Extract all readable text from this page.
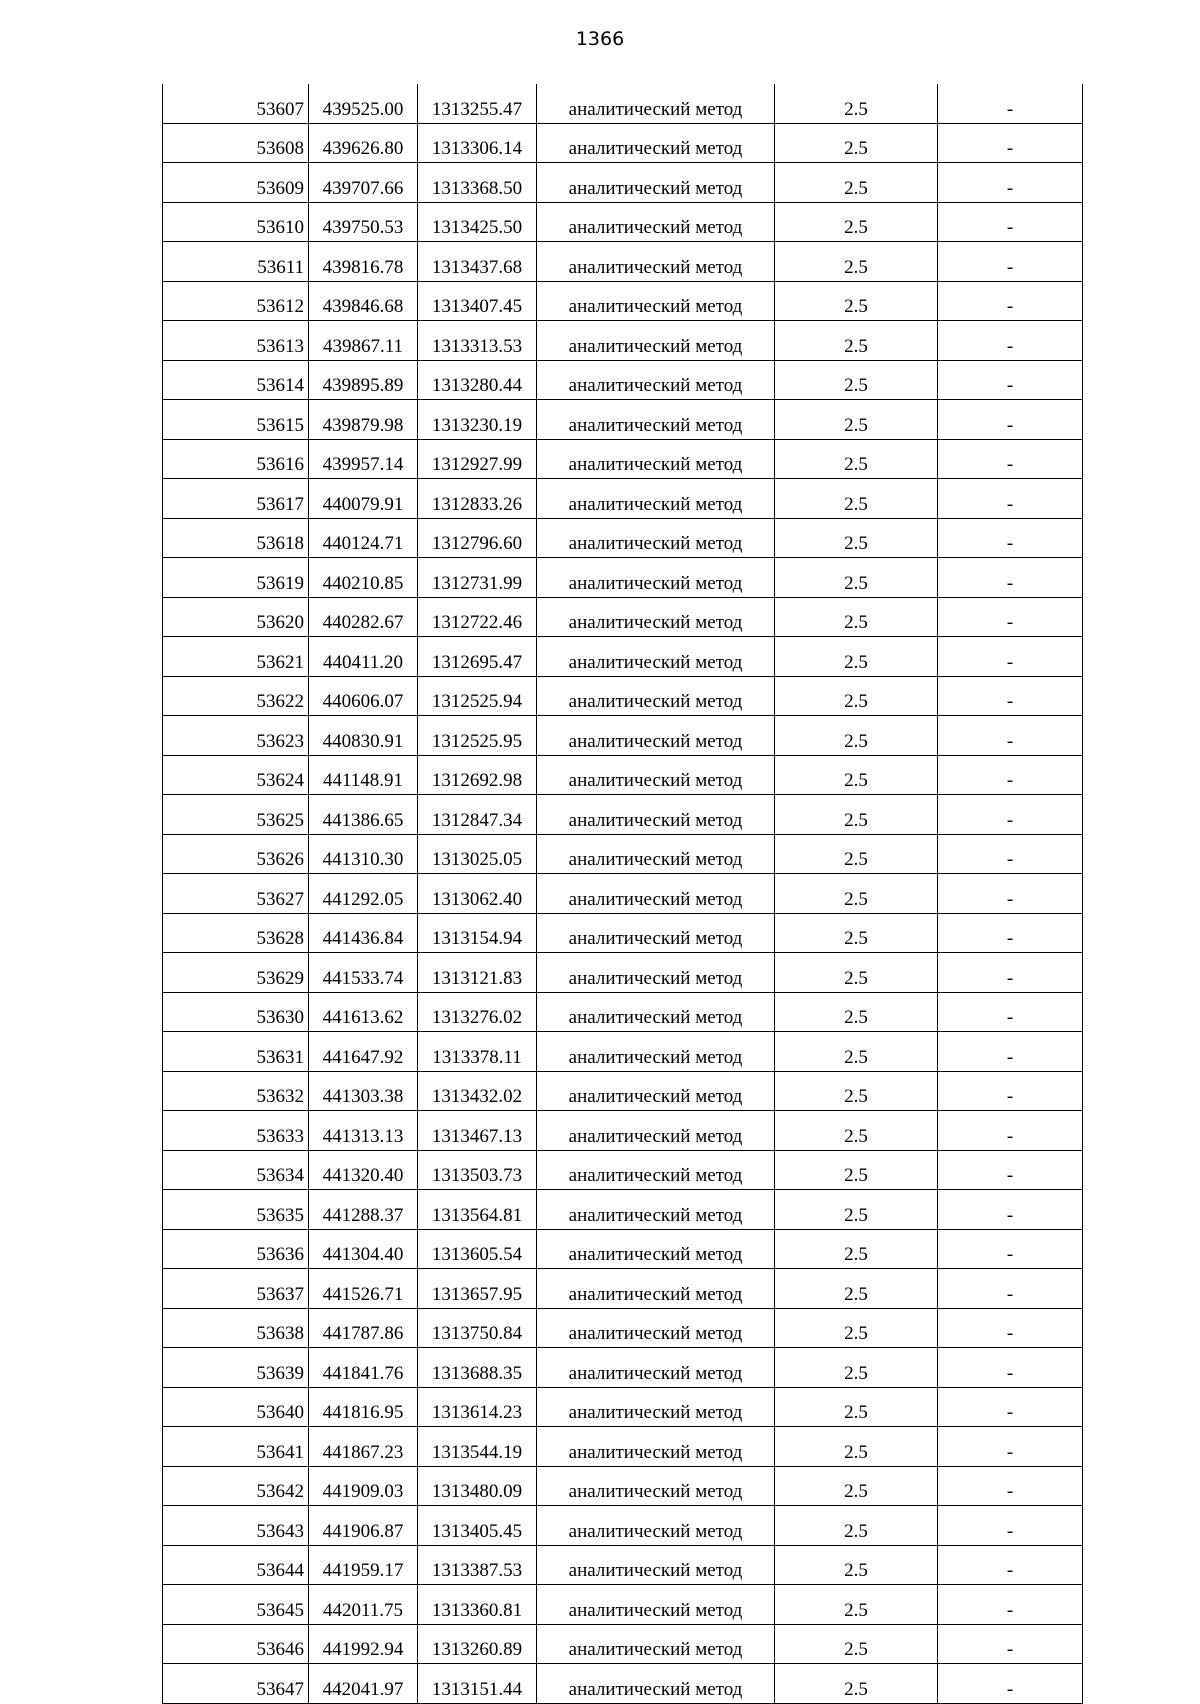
1366
53607	439525.00	1313255.47	аналитический метод	2.5	-
53608	439626.80	1313306.14	аналитический метод	2.5	-
53609	439707.66	1313368.50	аналитический метод	2.5	-
53610	439750.53	1313425.50	аналитический метод	2.5	-
53611	439816.78	1313437.68	аналитический метод	2.5	-
53612	439846.68	1313407.45	аналитический метод	2.5	-
53613	439867.11	1313313.53	аналитический метод	2.5	-
53614	439895.89	1313280.44	аналитический метод	2.5	-
53615	439879.98	1313230.19	аналитический метод	2.5	-
53616	439957.14	1312927.99	аналитический метод	2.5	-
53617	440079.91	1312833.26	аналитический метод	2.5	-
53618	440124.71	1312796.60	аналитический метод	2.5	-
53619	440210.85	1312731.99	аналитический метод	2.5	-
53620	440282.67	1312722.46	аналитический метод	2.5	-
53621	440411.20	1312695.47	аналитический метод	2.5	-
53622	440606.07	1312525.94	аналитический метод	2.5	-
53623	440830.91	1312525.95	аналитический метод	2.5	-
53624	441148.91	1312692.98	аналитический метод	2.5	-
53625	441386.65	1312847.34	аналитический метод	2.5	-
53626	441310.30	1313025.05	аналитический метод	2.5	-
53627	441292.05	1313062.40	аналитический метод	2.5	-
53628	441436.84	1313154.94	аналитический метод	2.5	-
53629	441533.74	1313121.83	аналитический метод	2.5	-
53630	441613.62	1313276.02	аналитический метод	2.5	-
53631	441647.92	1313378.11	аналитический метод	2.5	-
53632	441303.38	1313432.02	аналитический метод	2.5	-
53633	441313.13	1313467.13	аналитический метод	2.5	-
53634	441320.40	1313503.73	аналитический метод	2.5	-
53635	441288.37	1313564.81	аналитический метод	2.5	-
53636	441304.40	1313605.54	аналитический метод	2.5	-
53637	441526.71	1313657.95	аналитический метод	2.5	-
53638	441787.86	1313750.84	аналитический метод	2.5	-
53639	441841.76	1313688.35	аналитический метод	2.5	-
53640	441816.95	1313614.23	аналитический метод	2.5	-
53641	441867.23	1313544.19	аналитический метод	2.5	-
53642	441909.03	1313480.09	аналитический метод	2.5	-
53643	441906.87	1313405.45	аналитический метод	2.5	-
53644	441959.17	1313387.53	аналитический метод	2.5	-
53645	442011.75	1313360.81	аналитический метод	2.5	-
53646	441992.94	1313260.89	аналитический метод	2.5	-
53647	442041.97	1313151.44	аналитический метод	2.5	-
